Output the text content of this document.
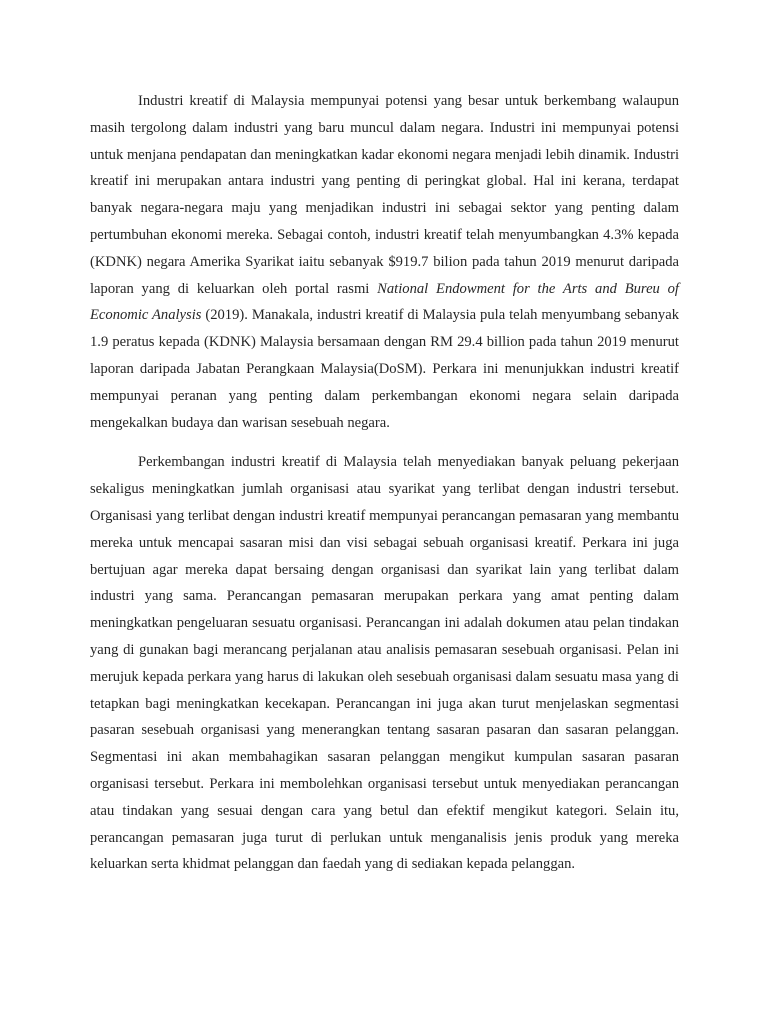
Industri kreatif di Malaysia mempunyai potensi yang besar untuk berkembang walaupun masih tergolong dalam industri yang baru muncul dalam negara. Industri ini mempunyai potensi untuk menjana pendapatan dan meningkatkan kadar ekonomi negara menjadi lebih dinamik. Industri kreatif ini merupakan antara industri yang penting di peringkat global. Hal ini kerana, terdapat banyak negara-negara maju yang menjadikan industri ini sebagai sektor yang penting dalam pertumbuhan ekonomi mereka. Sebagai contoh, industri kreatif telah menyumbangkan 4.3% kepada (KDNK) negara Amerika Syarikat iaitu sebanyak $919.7 bilion pada tahun 2019 menurut daripada laporan yang di keluarkan oleh portal rasmi National Endowment for the Arts and Bureu of Economic Analysis (2019). Manakala, industri kreatif di Malaysia pula telah menyumbang sebanyak 1.9 peratus kepada (KDNK) Malaysia bersamaan dengan RM 29.4 billion pada tahun 2019 menurut laporan daripada Jabatan Perangkaan Malaysia(DoSM). Perkara ini menunjukkan industri kreatif mempunyai peranan yang penting dalam perkembangan ekonomi negara selain daripada mengekalkan budaya dan warisan sesebuah negara.

Perkembangan industri kreatif di Malaysia telah menyediakan banyak peluang pekerjaan sekaligus meningkatkan jumlah organisasi atau syarikat yang terlibat dengan industri tersebut. Organisasi yang terlibat dengan industri kreatif mempunyai perancangan pemasaran yang membantu mereka untuk mencapai sasaran misi dan visi sebagai sebuah organisasi kreatif. Perkara ini juga bertujuan agar mereka dapat bersaing dengan organisasi dan syarikat lain yang terlibat dalam industri yang sama. Perancangan pemasaran merupakan perkara yang amat penting dalam meningkatkan pengeluaran sesuatu organisasi. Perancangan ini adalah dokumen atau pelan tindakan yang di gunakan bagi merancang perjalanan atau analisis pemasaran sesebuah organisasi. Pelan ini merujuk kepada perkara yang harus di lakukan oleh sesebuah organisasi dalam sesuatu masa yang di tetapkan bagi meningkatkan kecekapan. Perancangan ini juga akan turut menjelaskan segmentasi pasaran sesebuah organisasi yang menerangkan tentang sasaran pasaran dan sasaran pelanggan. Segmentasi ini akan membahagikan sasaran pelanggan mengikut kumpulan sasaran pasaran organisasi tersebut. Perkara ini membolehkan organisasi tersebut untuk menyediakan perancangan atau tindakan yang sesuai dengan cara yang betul dan efektif mengikut kategori. Selain itu, perancangan pemasaran juga turut di perlukan untuk menganalisis jenis produk yang mereka keluarkan serta khidmat pelanggan dan faedah yang di sediakan kepada pelanggan.
